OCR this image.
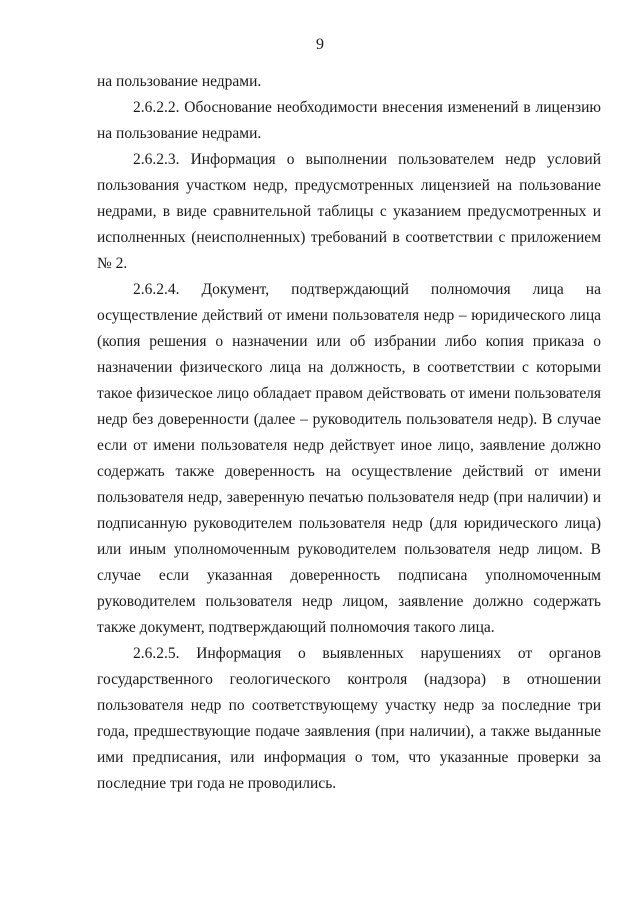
9

на пользование недрами.

2.6.2.2. Обоснование необходимости внесения изменений в лицензию на пользование недрами.

2.6.2.3. Информация о выполнении пользователем недр условий пользования участком недр, предусмотренных лицензией на пользование недрами, в виде сравнительной таблицы с указанием предусмотренных и исполненных (неисполненных) требований в соответствии с приложением № 2.

2.6.2.4. Документ, подтверждающий полномочия лица на осуществление действий от имени пользователя недр – юридического лица (копия решения о назначении или об избрании либо копия приказа о назначении физического лица на должность, в соответствии с которыми такое физическое лицо обладает правом действовать от имени пользователя недр без доверенности (далее – руководитель пользователя недр). В случае если от имени пользователя недр действует иное лицо, заявление должно содержать также доверенность на осуществление действий от имени пользователя недр, заверенную печатью пользователя недр (при наличии) и подписанную руководителем пользователя недр (для юридического лица) или иным уполномоченным руководителем пользователя недр лицом. В случае если указанная доверенность подписана уполномоченным руководителем пользователя недр лицом, заявление должно содержать также документ, подтверждающий полномочия такого лица.

2.6.2.5. Информация о выявленных нарушениях от органов государственного геологического контроля (надзора) в отношении пользователя недр по соответствующему участку недр за последние три года, предшествующие подаче заявления (при наличии), а также выданные ими предписания, или информация о том, что указанные проверки за последние три года не проводились.
